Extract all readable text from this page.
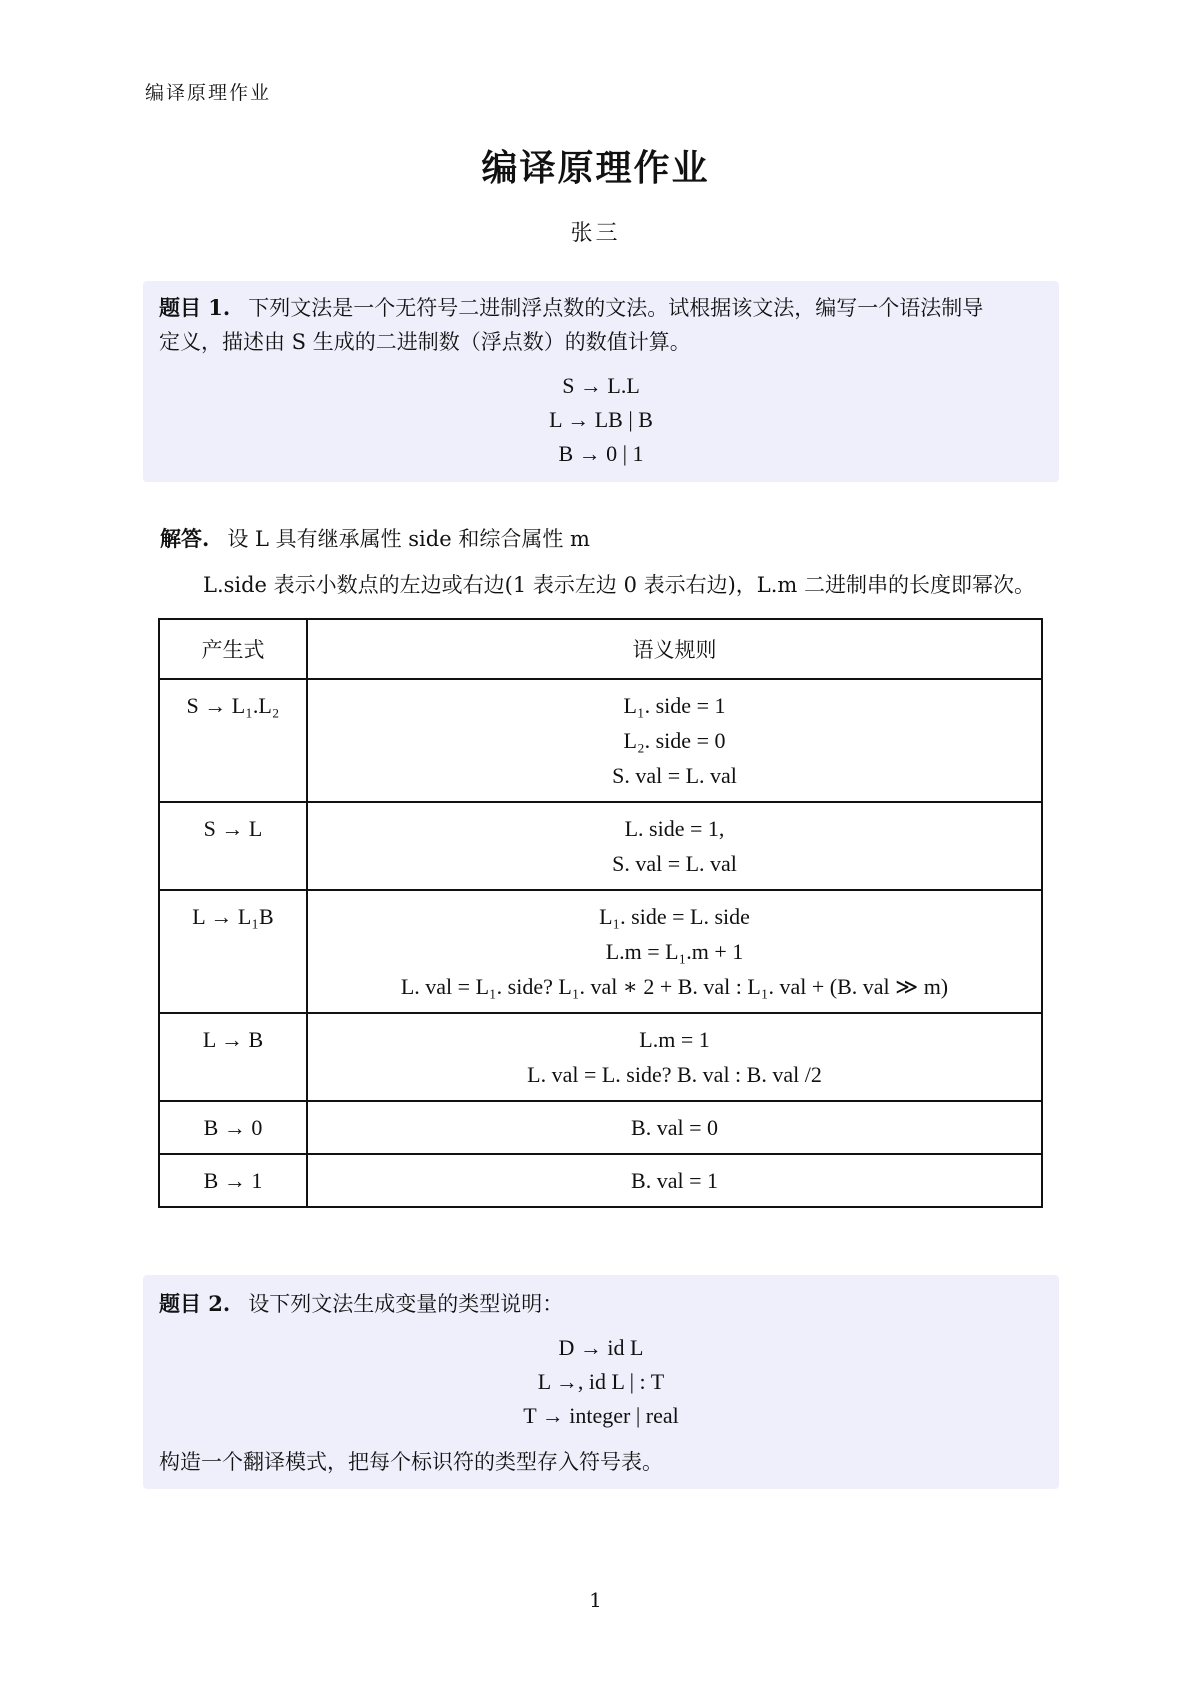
编译原理作业
编译原理作业
张三
题目 1. 下列文法是一个无符号二进制浮点数的文法。试根据该文法，编写一个语法制导
定义，描述由 S 生成的二进制数（浮点数）的数值计算。
S → L.L
L → LB | B
B → 0 | 1
解答. 设 L 具有继承属性 side 和综合属性 m
L.side 表示小数点的左边或右边(1 表示左边 0 表示右边)，L.m 二进制串的长度即幂次。
产生式	语义规则
S → L₁.L₂	L₁. side = 1
L₂. side = 0
S. val = L. val

S → L	L. side = 1,
S. val = L. val

L → L₁B	L₁. side = L. side
L.m = L₁.m + 1
L. val = L₁. side? L₁. val ∗ 2 + B. val : L₁. val + (B. val ≫ m)

L → B	L.m = 1
L. val = L. side? B. val : B. val /2

B → 0	B. val = 0

B → 1	B. val = 1
题目 2. 设下列文法生成变量的类型说明：
D → id L
L →, id L | : T
T → integer | real
构造一个翻译模式，把每个标识符的类型存入符号表。
1
